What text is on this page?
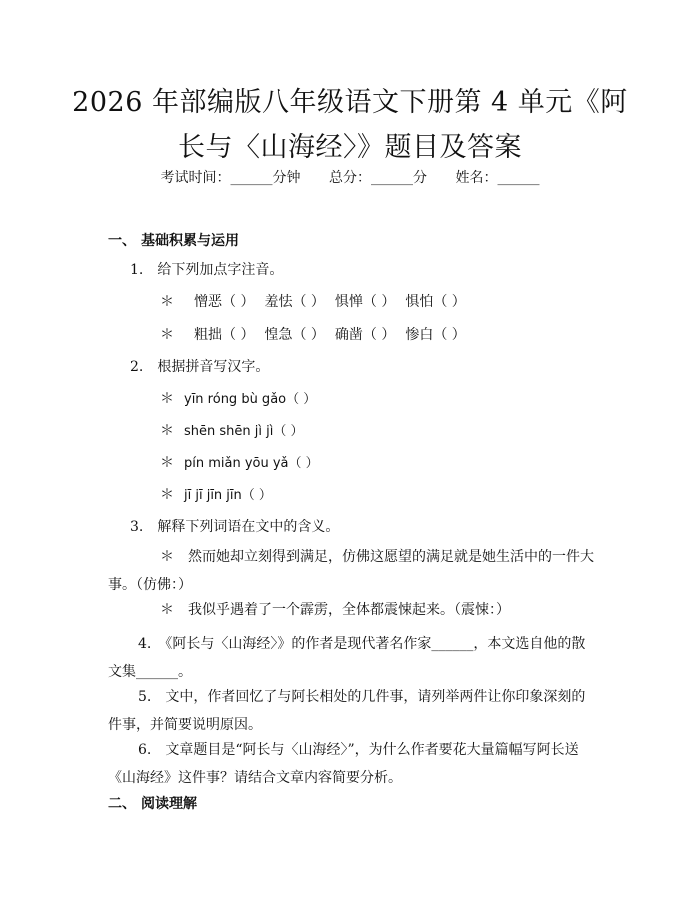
2026 年部编版八年级语文下册第 4 单元《阿
长与〈山海经〉》题目及答案
考试时间：______分钟 总分：______分 姓名：______
一、 基础积累与运用
1.　给下列加点字注音。
＊ 憎恶（ ） 羞怯（ ） 惧惮（ ） 惧怕（ ）
＊ 粗拙（ ） 惶急（ ） 确凿（ ） 惨白（ ）
2.　根据拼音写汉字。
＊ yīn róng bù gǎo（ ）
＊ shēn shēn jì jì（ ）
＊ pín miǎn yōu yǎ（ ）
＊ jī jī jīn jīn（ ）
3.　解释下列词语在文中的含义。
＊　然而她却立刻得到满足，仿佛这愿望的满足就是她生活中的一件大事。（仿佛：）
＊　我似乎遇着了一个霹雳，全体都震悚起来。（震悚：）
4.　《阿长与〈山海经〉》的作者是现代著名作家______，本文选自他的散文集______。
5.　文中，作者回忆了与阿长相处的几件事，请列举两件让你印象深刻的件事，并简要说明原因。
6.　文章题目是“阿长与〈山海经〉”，为什么作者要花大量篇幅写阿长送《山海经》这件事？请结合文章内容简要分析。
二、 阅读理解
